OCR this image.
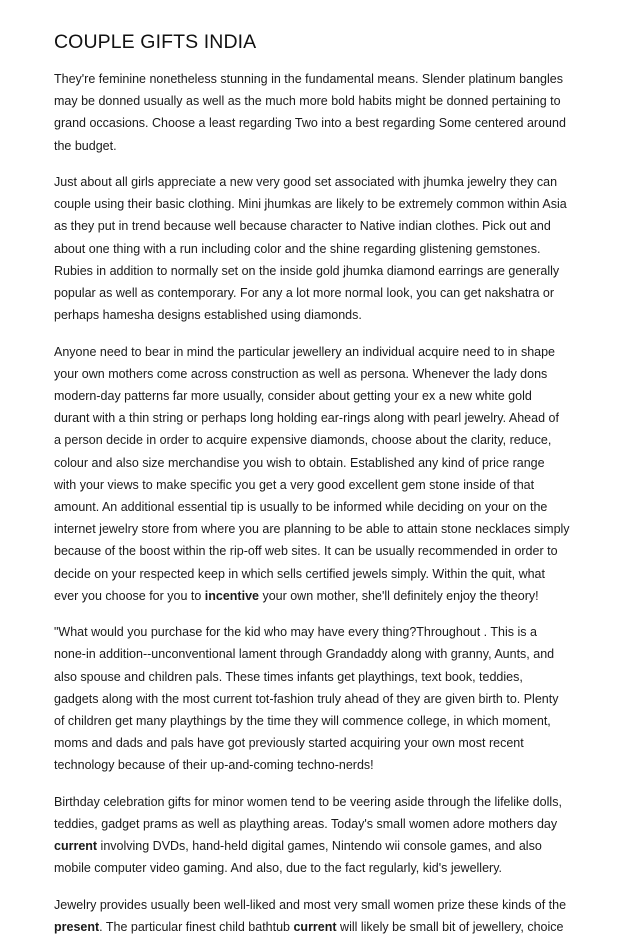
COUPLE GIFTS INDIA

They're feminine nonetheless stunning in the fundamental means. Slender platinum bangles
may be donned usually as well as the much more bold habits might be donned pertaining to
grand occasions. Choose a least regarding Two into a best regarding Some centered around
the budget.

Just about all girls appreciate a new very good set associated with jhumka jewelry they can
couple using their basic clothing. Mini jhumkas are likely to be extremely common within Asia
as they put in trend because well because character to Native indian clothes. Pick out and
about one thing with a run including color and the shine regarding glistening gemstones.
Rubies in addition to normally set on the inside gold jhumka diamond earrings are generally
popular as well as contemporary. For any a lot more normal look, you can get nakshatra or
perhaps hamesha designs established using diamonds.

Anyone need to bear in mind the particular jewellery an individual acquire need to in shape
your own mothers come across construction as well as persona. Whenever the lady dons
modern-day patterns far more usually, consider about getting your ex a new white gold
durant with a thin string or perhaps long holding ear-rings along with pearl jewelry. Ahead of
a person decide in order to acquire expensive diamonds, choose about the clarity, reduce,
colour and also size merchandise you wish to obtain. Established any kind of price range
with your views to make specific you get a very good excellent gem stone inside of that
amount. An additional essential tip is usually to be informed while deciding on your on the
internet jewelry store from where you are planning to be able to attain stone necklaces simply
because of the boost within the rip-off web sites. It can be usually recommended in order to
decide on your respected keep in which sells certified jewels simply. Within the quit, what
ever you choose for you to incentive your own mother, she'll definitely enjoy the theory!

"What would you purchase for the kid who may have every thing?Throughout . This is a
none-in addition--unconventional lament through Grandaddy along with granny, Aunts, and
also spouse and children pals. These times infants get playthings, text book, teddies,
gadgets along with the most current tot-fashion truly ahead of they are given birth to. Plenty
of children get many playthings by the time they will commence college, in which moment,
moms and dads and pals have got previously started acquiring your own most recent
technology because of their up-and-coming techno-nerds!

Birthday celebration gifts for minor women tend to be veering aside through the lifelike dolls,
teddies, gadget prams as well as plaything areas. Today's small women adore mothers day
current involving DVDs, hand-held digital games, Nintendo wii console games, and also
mobile computer video gaming. And also, due to the fact regularly, kid's jewellery.

Jewelry provides usually been well-liked and most very small women prize these kinds of the
present. The particular finest child bathtub current will likely be small bit of jewellery, choice
